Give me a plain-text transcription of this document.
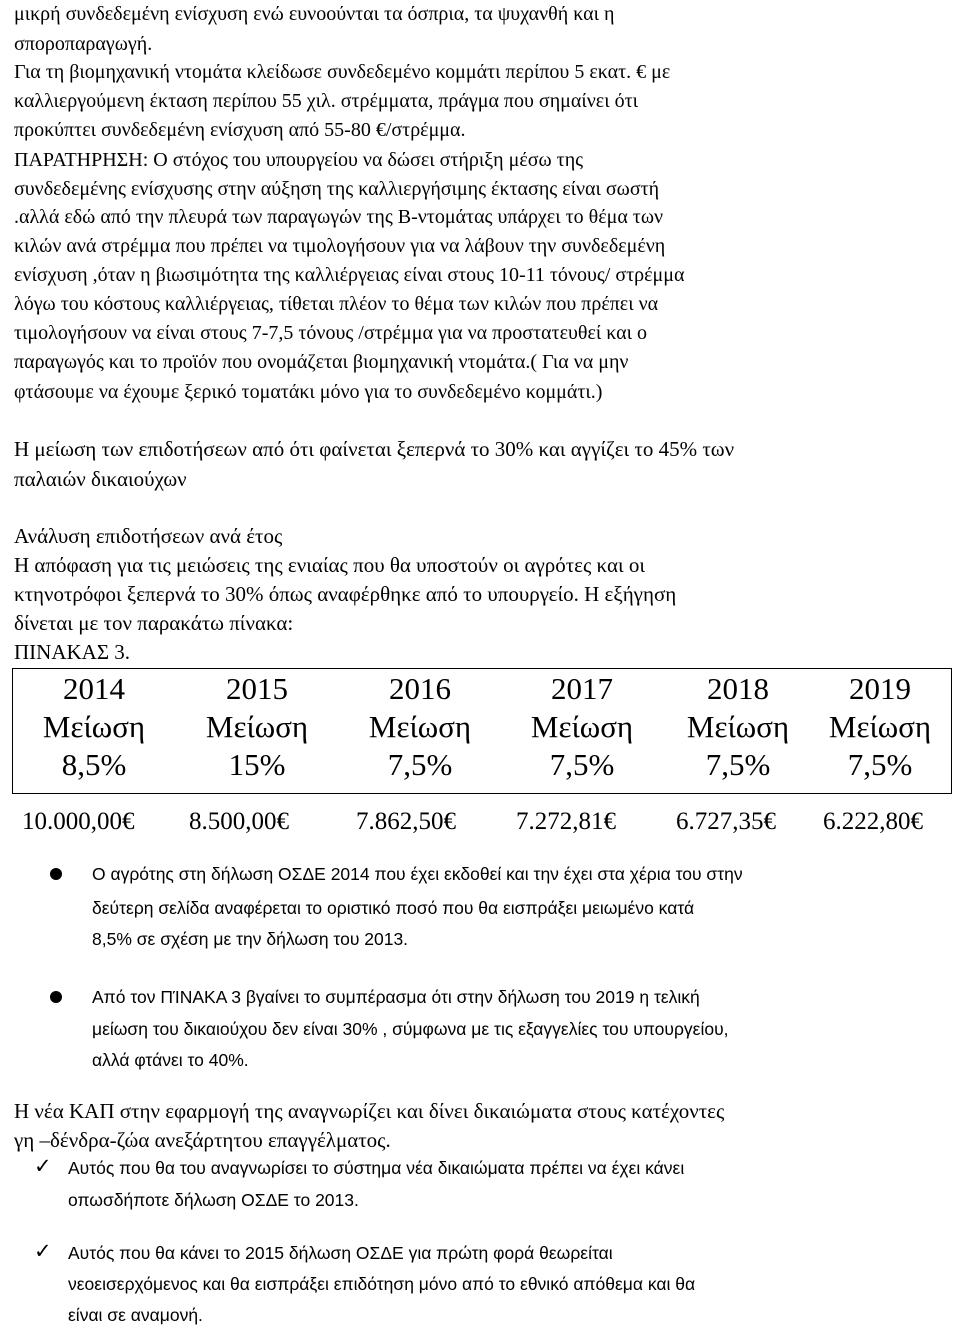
μικρή συνδεδεμένη ενίσχυση ενώ ευνοούνται τα όσπρια, τα ψυχανθή και η
σποροπαραγωγή.
Για τη βιομηχανική ντομάτα κλείδωσε συνδεδεμένο κομμάτι περίπου 5 εκατ. € με
καλλιεργούμενη έκταση περίπου 55 χιλ. στρέμματα, πράγμα που σημαίνει ότι
προκύπτει συνδεδεμένη ενίσχυση από 55-80 €/στρέμμα.
ΠΑΡΑΤΗΡΗΣΗ: Ο στόχος του υπουργείου να δώσει στήριξη μέσω της
συνδεδεμένης ενίσχυσης στην αύξηση της καλλιεργήσιμης έκτασης είναι σωστή
.αλλά εδώ από την πλευρά των παραγωγών της Β-ντομάτας υπάρχει το θέμα των
κιλών ανά στρέμμα που πρέπει να τιμολογήσουν για να λάβουν την συνδεδεμένη
ενίσχυση ,όταν η βιωσιμότητα της καλλιέργειας είναι στους 10-11 τόνους/ στρέμμα
λόγω του κόστους καλλιέργειας, τίθεται πλέον το θέμα των κιλών που πρέπει να
τιμολογήσουν να είναι στους 7-7,5 τόνους /στρέμμα για να προστατευθεί και ο
παραγωγός και το προϊόν που ονομάζεται βιομηχανική ντομάτα.( Για να μην
φτάσουμε να έχουμε ξερικό τοματάκι μόνο για το συνδεδεμένο κομμάτι.)
Η μείωση των επιδοτήσεων από ότι φαίνεται ξεπερνά το 30% και αγγίζει το 45% των
παλαιών δικαιούχων
Ανάλυση επιδοτήσεων ανά έτος
Η απόφαση για τις μειώσεις της ενιαίας που θα υποστούν οι αγρότες και οι
κτηνοτρόφοι ξεπερνά το 30% όπως αναφέρθηκε από το υπουργείο. Η εξήγηση
δίνεται με τον παρακάτω πίνακα:
ΠΙΝΑΚΑΣ 3.
2014
Μείωση
8,5%
2015
Μείωση
15%
2016
Μείωση
7,5%
2017
Μείωση
7,5%
2018
Μείωση
7,5%
2019
Μείωση
7,5%
10.000,00€ 8.500,00€	7.862,50€ 7.272,81€ 6.727,35€ 6.222,80€
Ο αγρότης στη δήλωση ΟΣΔΕ 2014 που έχει εκδοθεί και την έχει στα χέρια του στην
δεύτερη σελίδα αναφέρεται το οριστικό ποσό που θα εισπράξει μειωμένο κατά
8,5% σε σχέση με την δήλωση του 2013.
Από τον ΠΊΝΑΚΑ 3 βγαίνει το συμπέρασμα ότι στην δήλωση του 2019 η τελική
μείωση του δικαιούχου δεν είναι 30% , σύμφωνα με τις εξαγγελίες του υπουργείου,
αλλά φτάνει το 40%.
Η νέα ΚΑΠ στην εφαρμογή της αναγνωρίζει και δίνει δικαιώματα στους κατέχοντες
γη –δένδρα-ζώα ανεξάρτητου επαγγέλματος.
✓ Αυτός που θα του αναγνωρίσει το σύστημα νέα δικαιώματα πρέπει να έχει κάνει
οπωσδήποτε δήλωση ΟΣΔΕ το 2013.
✓ Αυτός που θα κάνει το 2015 δήλωση ΟΣΔΕ για πρώτη φορά θεωρείται
νεοεισερχόμενος και θα εισπράξει επιδότηση μόνο από το εθνικό απόθεμα και θα
είναι σε αναμονή.
